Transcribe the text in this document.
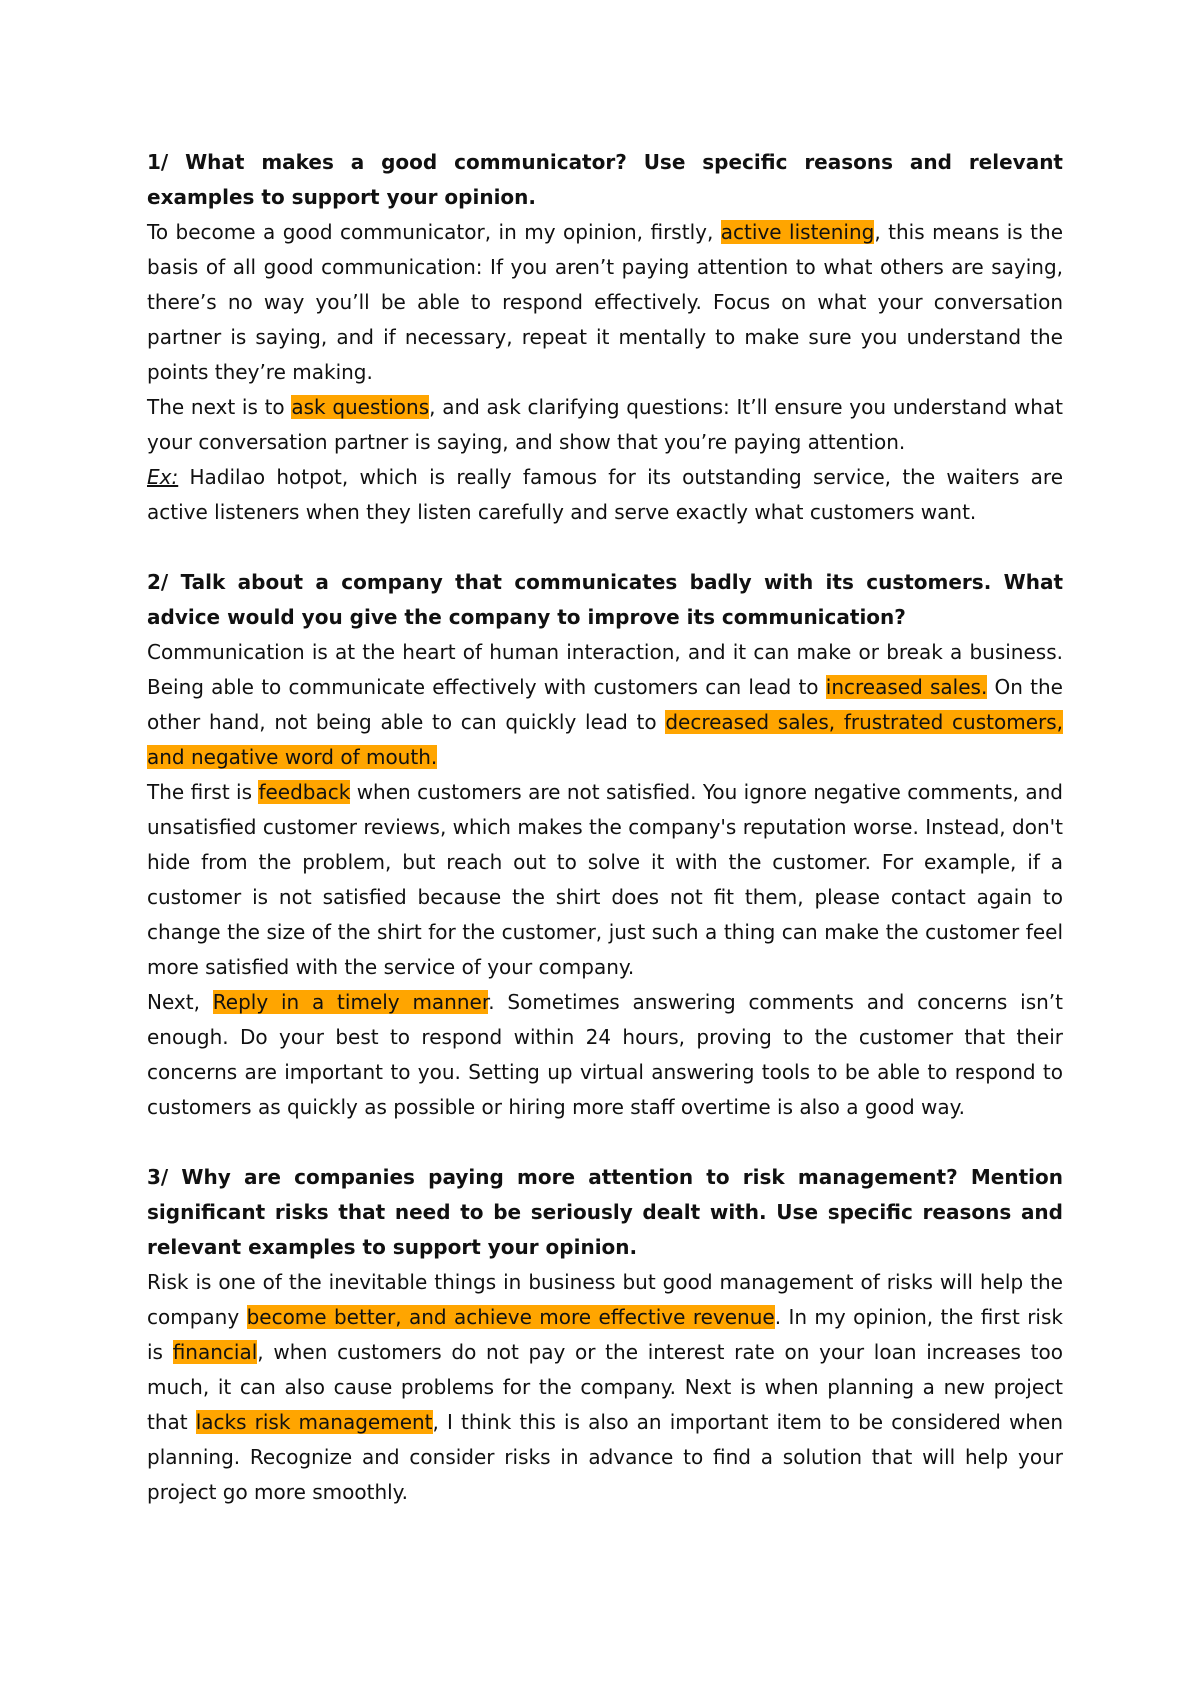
1/ What makes a good communicator? Use specific reasons and relevant examples to support your opinion.

To become a good communicator, in my opinion, firstly, active listening, this means is the basis of all good communication: If you aren’t paying attention to what others are saying, there’s no way you’ll be able to respond effectively. Focus on what your conversation partner is saying, and if necessary, repeat it mentally to make sure you understand the points they’re making.

The next is to ask questions, and ask clarifying questions: It’ll ensure you understand what your conversation partner is saying, and show that you’re paying attention.

Ex: Hadilao hotpot, which is really famous for its outstanding service, the waiters are active listeners when they listen carefully and serve exactly what customers want.

2/ Talk about a company that communicates badly with its customers. What advice would you give the company to improve its communication?

Communication is at the heart of human interaction, and it can make or break a business. Being able to communicate effectively with customers can lead to increased sales. On the other hand, not being able to can quickly lead to decreased sales, frustrated customers, and negative word of mouth.

The first is feedback when customers are not satisfied. You ignore negative comments, and unsatisfied customer reviews, which makes the company's reputation worse. Instead, don't hide from the problem, but reach out to solve it with the customer. For example, if a customer is not satisfied because the shirt does not fit them, please contact again to change the size of the shirt for the customer, just such a thing can make the customer feel more satisfied with the service of your company.

Next, Reply in a timely manner. Sometimes answering comments and concerns isn’t enough. Do your best to respond within 24 hours, proving to the customer that their concerns are important to you. Setting up virtual answering tools to be able to respond to customers as quickly as possible or hiring more staff overtime is also a good way.

3/ Why are companies paying more attention to risk management? Mention significant risks that need to be seriously dealt with. Use specific reasons and relevant examples to support your opinion.

Risk is one of the inevitable things in business but good management of risks will help the company become better, and achieve more effective revenue. In my opinion, the first risk is financial, when customers do not pay or the interest rate on your loan increases too much, it can also cause problems for the company. Next is when planning a new project that lacks risk management, I think this is also an important item to be considered when planning. Recognize and consider risks in advance to find a solution that will help your project go more smoothly.
